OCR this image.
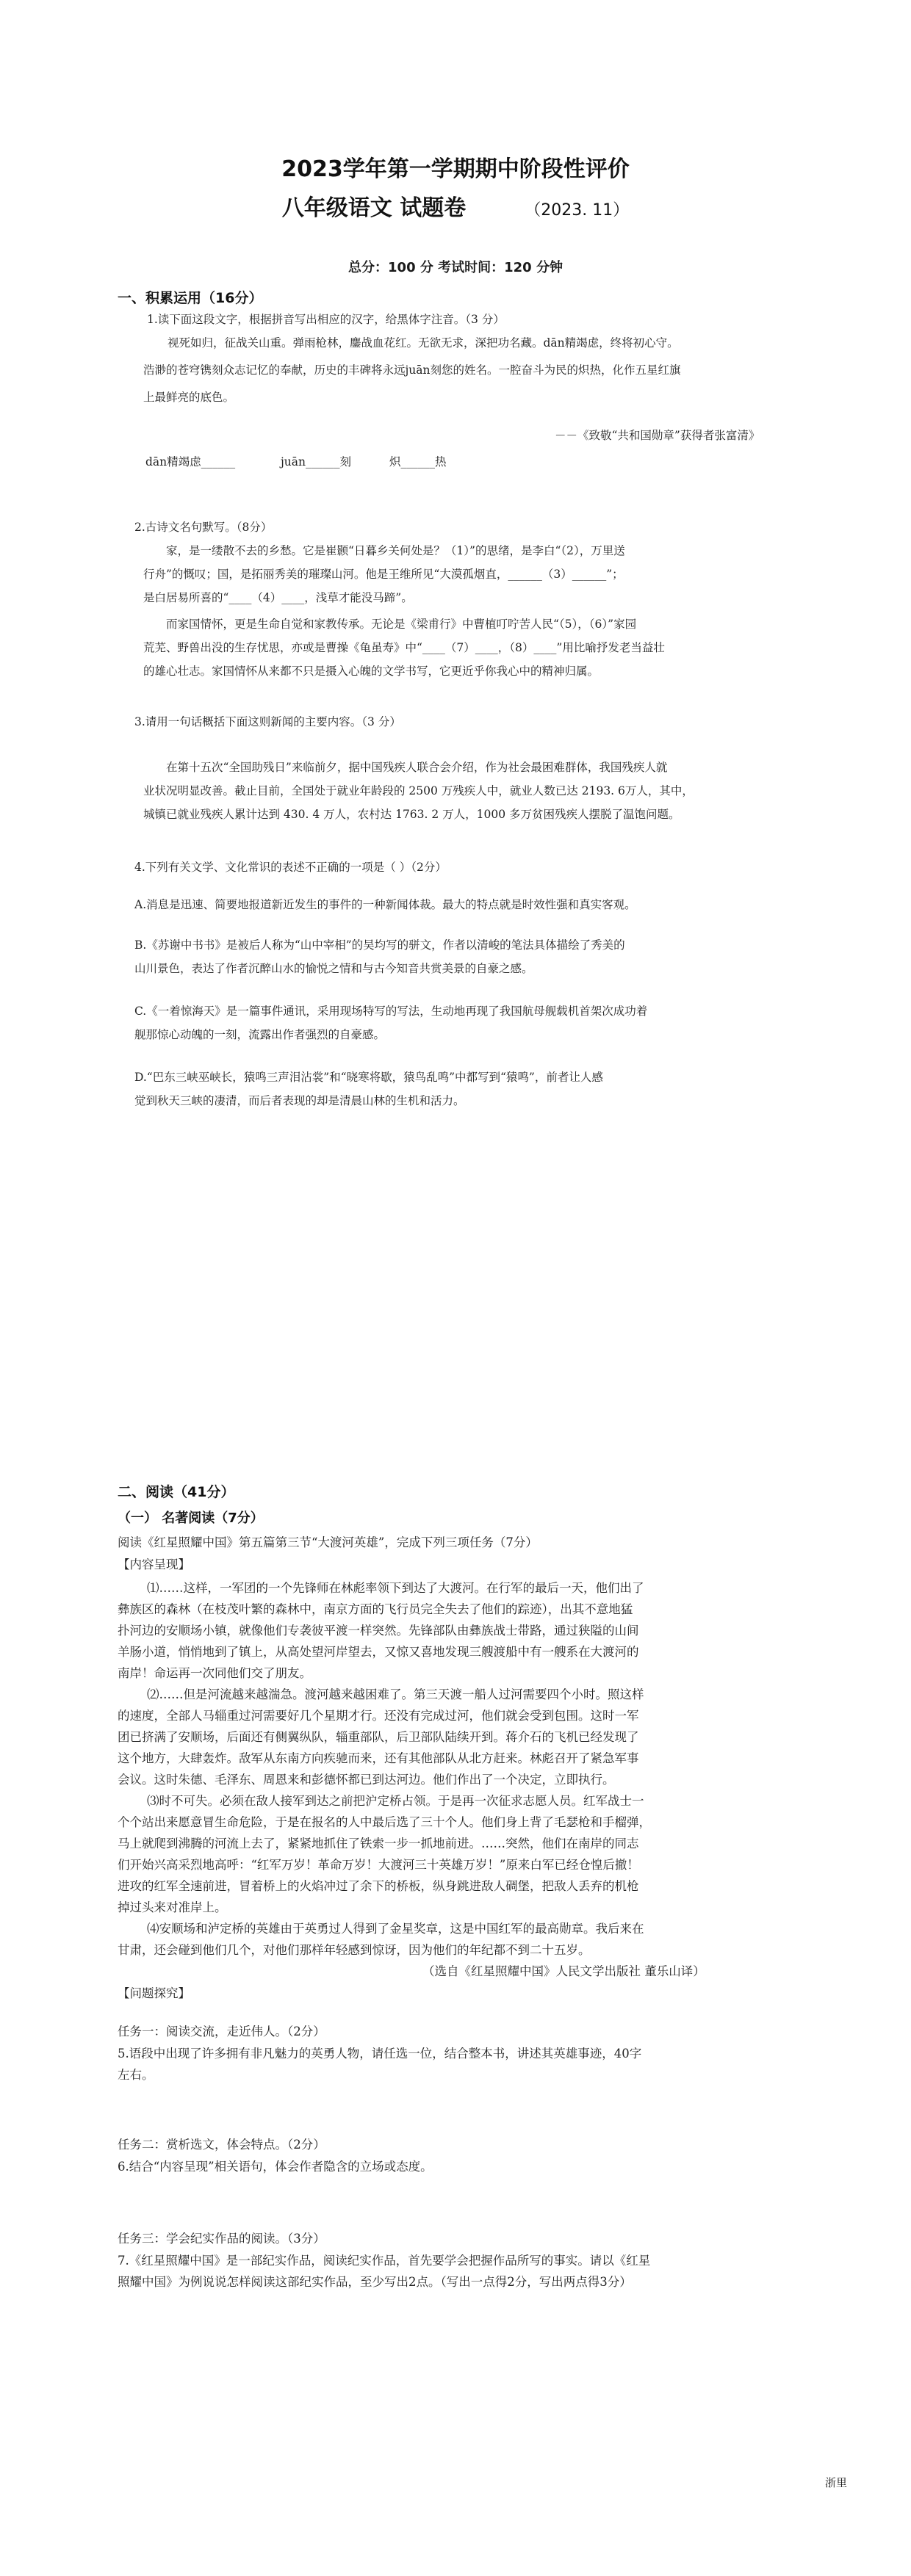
2023学年第一学期期中阶段性评价
八年级语文 试题卷	（2023. 11）
总分：100 分 考试时间：120 分钟
一、积累运用（16分）
1.读下面这段文字，根据拼音写出相应的汉字，给黑体字注音。（3 分）
视死如归，征战关山重。弹雨枪林，鏖战血花红。无欲无求，深把功名藏。dān精竭虑，终将初心守。
浩渺的苍穹镌刻众志记忆的奉献，历史的丰碑将永远juān刻您的姓名。一腔奋斗为民的炽热，化作五星红旗
上最鲜亮的底色。
－－《致敬“共和国勋章”获得者张富清》
dān精竭虑______	juān______刻	炽______热
2.古诗文名句默写。（8分）
家，是一缕散不去的乡愁。它是崔颢“日暮乡关何处是？（1）”的思绪，是李白“（2），万里送
行舟”的慨叹；国，是拓丽秀美的璀璨山河。他是王维所见“大漠孤烟直，______（3）______”；
是白居易所喜的“____（4）____，浅草才能没马蹄”。
而家国情怀，更是生命自觉和家教传承。无论是《梁甫行》中曹植叮咛苦人民“（5），（6）”家园
荒芜、野兽出没的生存忧思，亦或是曹操《龟虽寿》中“____（7）____，（8）____”用比喻抒发老当益壮
的雄心壮志。家国情怀从来都不只是摄入心魄的文学书写，它更近乎你我心中的精神归属。
3.请用一句话概括下面这则新闻的主要内容。（3 分）
在第十五次“全国助残日”来临前夕，据中国残疾人联合会介绍，作为社会最困难群体，我国残疾人就
业状况明显改善。截止目前，全国处于就业年龄段的 2500 万残疾人中，就业人数已达 2193. 6万人，其中，
城镇已就业残疾人累计达到 430. 4 万人，农村达 1763. 2 万人，1000 多万贫困残疾人摆脱了温饱问题。
4.下列有关文学、文化常识的表述不正确的一项是（ ）（2分）
A.消息是迅速、简要地报道新近发生的事件的一种新闻体裁。最大的特点就是时效性强和真实客观。
B.《苏谢中书书》是被后人称为“山中宰相”的吴均写的骈文，作者以清峻的笔法具体描绘了秀美的
山川景色，表达了作者沉醉山水的愉悦之情和与古今知音共赏美景的自豪之感。
C.《一着惊海天》是一篇事件通讯，采用现场特写的写法，生动地再现了我国航母舰载机首架次成功着
舰那惊心动魄的一刻，流露出作者强烈的自豪感。
D.“巴东三峡巫峡长，猿鸣三声泪沾裳”和“晓寒将歇，猿鸟乱鸣”中都写到“猿鸣”，前者让人感
觉到秋天三峡的凄清，而后者表现的却是清晨山林的生机和活力。
二、阅读（41分）
（一） 名著阅读（7分）
阅读《红星照耀中国》第五篇第三节“大渡河英雄”，完成下列三项任务（7分）
【内容呈现】
⑴……这样，一军团的一个先锋师在林彪率领下到达了大渡河。在行军的最后一天，他们出了
彝族区的森林（在枝茂叶繁的森林中，南京方面的飞行员完全失去了他们的踪迹），出其不意地猛
扑河边的安顺场小镇，就像他们专袭彼平渡一样突然。先锋部队由彝族战士带路，通过狭隘的山间
羊肠小道，悄悄地到了镇上，从高处望河岸望去，又惊又喜地发现三艘渡船中有一艘系在大渡河的
南岸！命运再一次同他们交了朋友。
⑵……但是河流越来越湍急。渡河越来越困难了。第三天渡一船人过河需要四个小时。照这样
的速度，全部人马辎重过河需要好几个星期才行。还没有完成过河，他们就会受到包围。这时一军
团已挤满了安顺场，后面还有侧翼纵队，辎重部队，后卫部队陆续开到。蒋介石的飞机已经发现了
这个地方，大肆轰炸。敌军从东南方向疾驰而来，还有其他部队从北方赶来。林彪召开了紧急军事
会议。这时朱德、毛泽东、周恩来和彭德怀都已到达河边。他们作出了一个决定，立即执行。
⑶时不可失。必须在敌人接军到达之前把沪定桥占领。于是再一次征求志愿人员。红军战士一
个个站出来愿意冒生命危险，于是在报名的人中最后选了三十个人。他们身上背了毛瑟枪和手榴弹，
马上就爬到沸腾的河流上去了，紧紧地抓住了铁索一步一抓地前进。……突然，他们在南岸的同志
们开始兴高采烈地高呼：“红军万岁！革命万岁！大渡河三十英雄万岁！”原来白军已经仓惶后撤！
进攻的红军全速前进，冒着桥上的火焰冲过了余下的桥板，纵身跳进敌人碉堡，把敌人丢弃的机枪
掉过头来对准岸上。
⑷安顺场和泸定桥的英雄由于英勇过人得到了金星奖章，这是中国红军的最高勋章。我后来在
甘肃，还会碰到他们几个，对他们那样年轻感到惊讶，因为他们的年纪都不到二十五岁。
（选自《红星照耀中国》人民文学出版社 董乐山译）
【问题探究】
任务一：阅读交流，走近伟人。（2分）
5.语段中出现了许多拥有非凡魅力的英勇人物，请任选一位，结合整本书，讲述其英雄事迹，40字
左右。
任务二：赏析选文，体会特点。（2分）
6.结合“内容呈现”相关语句，体会作者隐含的立场或态度。
任务三：学会纪实作品的阅读。（3分）
7.《红星照耀中国》是一部纪实作品，阅读纪实作品，首先要学会把握作品所写的事实。请以《红星
照耀中国》为例说说怎样阅读这部纪实作品，至少写出2点。（写出一点得2分，写出两点得3分）
浙里
